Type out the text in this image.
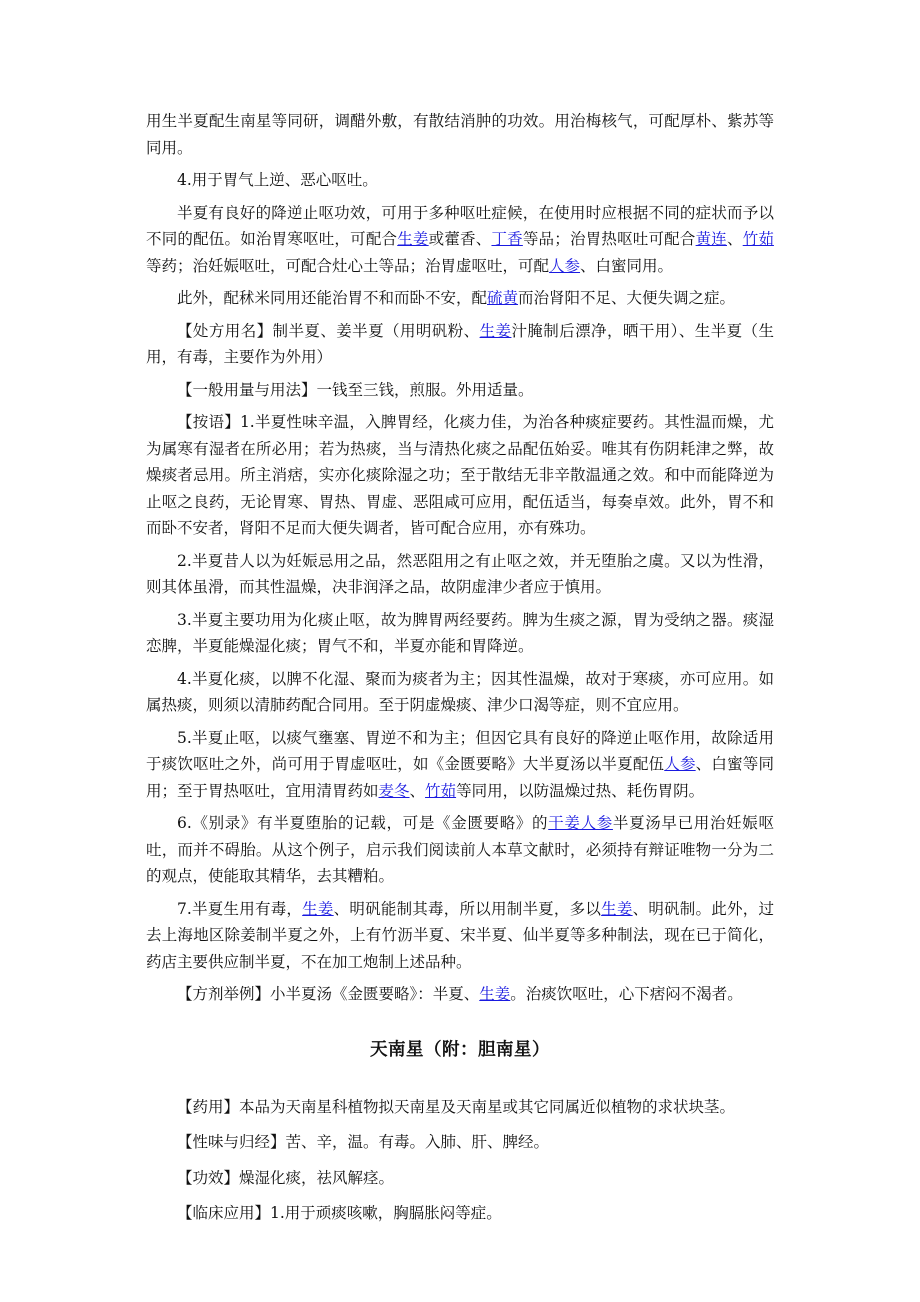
用生半夏配生南星等同研，调醋外敷，有散结消肿的功效。用治梅核气，可配厚朴、紫苏等同用。

4.用于胃气上逆、恶心呕吐。

半夏有良好的降逆止呕功效，可用于多种呕吐症候，在使用时应根据不同的症状而予以不同的配伍。如治胃寒呕吐，可配合生姜或藿香、丁香等品；治胃热呕吐可配合黄连、竹茹等药；治妊娠呕吐，可配合灶心土等品；治胃虚呕吐，可配人参、白蜜同用。

此外，配秫米同用还能治胃不和而卧不安，配硫黄而治肾阳不足、大便失调之症。

【处方用名】制半夏、姜半夏（用明矾粉、生姜汁腌制后漂净，晒干用）、生半夏（生用，有毒，主要作为外用）

【一般用量与用法】一钱至三钱，煎服。外用适量。

【按语】1.半夏性味辛温，入脾胃经，化痰力佳，为治各种痰症要药。其性温而燥，尤为属寒有湿者在所必用；若为热痰，当与清热化痰之品配伍始妥。唯其有伤阴耗津之弊，故燥痰者忌用。所主消痞，实亦化痰除湿之功；至于散结无非辛散温通之效。和中而能降逆为止呕之良药，无论胃寒、胃热、胃虚、恶阻咸可应用，配伍适当，每奏卓效。此外，胃不和而卧不安者，肾阳不足而大便失调者，皆可配合应用，亦有殊功。

2.半夏昔人以为妊娠忌用之品，然恶阻用之有止呕之效，并无堕胎之虞。又以为性滑，则其体虽滑，而其性温燥，决非润泽之品，故阴虚津少者应于慎用。

3.半夏主要功用为化痰止呕，故为脾胃两经要药。脾为生痰之源，胃为受纳之器。痰湿恋脾，半夏能燥湿化痰；胃气不和，半夏亦能和胃降逆。

4.半夏化痰，以脾不化湿、聚而为痰者为主；因其性温燥，故对于寒痰，亦可应用。如属热痰，则须以清肺药配合同用。至于阴虚燥痰、津少口渴等症，则不宜应用。

5.半夏止呕，以痰气壅塞、胃逆不和为主；但因它具有良好的降逆止呕作用，故除适用于痰饮呕吐之外，尚可用于胃虚呕吐，如《金匮要略》大半夏汤以半夏配伍人参、白蜜等同用；至于胃热呕吐，宜用清胃药如麦冬、竹茹等同用，以防温燥过热、耗伤胃阴。

6.《别录》有半夏堕胎的记载，可是《金匮要略》的干姜人参半夏汤早已用治妊娠呕吐，而并不碍胎。从这个例子，启示我们阅读前人本草文献时，必须持有辩证唯物一分为二的观点，使能取其精华，去其糟粕。

7.半夏生用有毒，生姜、明矾能制其毒，所以用制半夏，多以生姜、明矾制。此外，过去上海地区除姜制半夏之外，上有竹沥半夏、宋半夏、仙半夏等多种制法，现在已于简化，药店主要供应制半夏，不在加工炮制上述品种。

【方剂举例】小半夏汤《金匮要略》：半夏、生姜。治痰饮呕吐，心下痞闷不渴者。

天南星（附：胆南星）

【药用】本品为天南星科植物拟天南星及天南星或其它同属近似植物的求状块茎。

【性味与归经】苦、辛，温。有毒。入肺、肝、脾经。

【功效】燥湿化痰，祛风解痉。

【临床应用】1.用于顽痰咳嗽，胸膈胀闷等症。
